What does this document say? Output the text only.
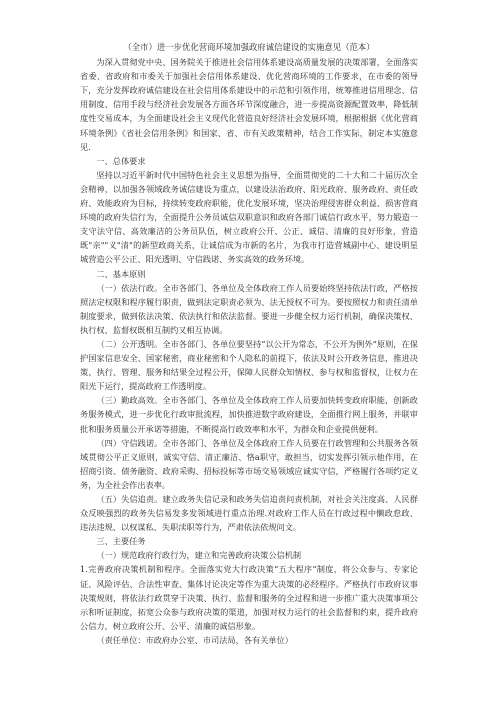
（全市）进一步优化营商环境加强政府诚信建设的实施意见（范本）

为深入贯彻党中央、国务院关于推进社会信用体系建设高质量发展的决策部署，全面落实省委、省政府和市委关于加强社会信用体系建设、优化营商环境的工作要求，在市委的领导下，充分发挥政府诚信建设在社会信用体系建设中的示范和引领作用，统筹推进信用理念、信用制度、信用手段与经济社会发展各方面各环节深度融合，进一步提高资源配置效率，降低制度性交易成本，为全面建设社会主义现代化营造良好经济社会发展环境，根据根据《优化营商环境条例》《省社会信用条例》和国家、省、市有关政策精神，结合工作实际，制定本实施意见.

一、总体要求

坚持以习近平新时代中国特色社会主义思想为指导，全面贯彻党的二十大和二十届历次全会精神，以加强各领域政务诚信建设为重点，以建设法治政府、阳光政府、服务政府、责任政府、效能政府为目标，持续转变政府职能，优化发展环境，坚决治理侵害群众利益、损害营商环境的政府失信行为，全面提升公务员诚信双职意识和政府各部门诚信行政水平，努力锻造一支守法守信、高效廉洁的公务员队伍，树立政府公开、公正、诚信、清廉的良好形象，营造既"亲""义"清"的新型政商关系，让诚信成为市新的名片，为我市打造营城副中心、建设明星城营造公平公正、阳光透明、守信践诺、务实高效的政务环境。

二、基本原则

（一）依法行政。全市各部门、各单位及全体政府工作人员要始终坚持依法行政，严格按照法定权限和程序履行职责，做到法定职责必须为、法无授权不可为。要按照权力和责任清单制度要求，做到依法决策、依法执行和依法监督。要进一步健全权力运行机制，确保决策权、执行权、监督权既相互制约又相互协调。

（二）公开透明。全市各部门、各单位要坚持“以公开为常态，不公开为例外”原则，在保护国家信息安全、国家秘密，商业秘密和个人隐私的前提下，依法及时公开政务信息，推进决策、执行、管理、服务和结果全过程公开，保障人民群众知情权、参与权和监督权，让权力在阳光下运行，提高政府工作透明度。

（三）勤政高效。全市各部门、各单位及全体政府工作人员要加快转变政府职能，创新政务服务模式，进一步优化行政审批流程，加快推进数字政府建设，全面推行网上服务，并联审批和服务质量公开承诺等措施，不断提高行政效率和水平，为群众和企业提供便利。

（四）守信践诺。全市各部门、各单位及全体政府工作人员要在行政管理和公共服务各领域贯彻公平正义原则，诚实守信、清正廉洁、恪a职守，敢担当，切实发挥引领示他作用，在招商引资、债务融资、政府采购、招标投标等市场交易领域应诚实守信，严格履行各项约定义务，为全社会作出表率。

（五）失信追责。建立政务失信记录和政务失信追责问责机制，对社会关注度高、人民群众反映强烈的政务失信易发多发领域进行重点治理.对政府工作人员在行政过程中懒政怠政、违法违规、以权谋私、失职渎职等行为，严肃依法依规问文。

三、主要任务

（一）规范政府行政行为，建立和完善政府决策公信机制

1.完善政府决策机制和程序。全面落实党大行政决策“五大程序”制度，将公众参与、专家论证、风险评估、合法性审查、集体讨论决定等作为重大决策的必经程序。严格执行市政府议事决策规则，将依法行政贯穿于决策、执行、监督和服务的全过程和进一步推广重大决策事项公示和听证制度，拓宽公众参与政府决策的渠道，加强对权力运行的社会监督和约束，提升政府公信力，树立政府公开、公平、清廉的诚信形象。

（责任单位：市政府办公室、市司法局，各有关单位）
